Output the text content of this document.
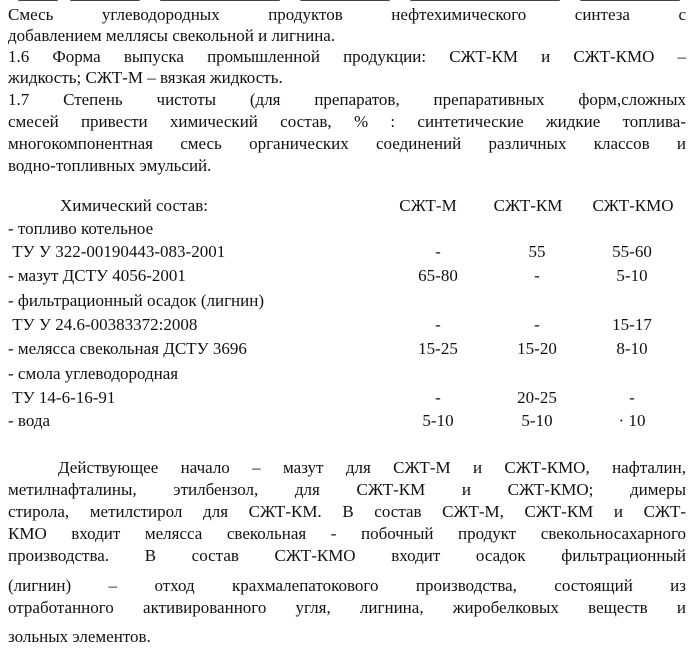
Смесь углеводородных продуктов нефтехимического синтеза с
добавлением меллясы свекольной и лигнина.
1.6 Форма выпуска промышленной продукции: СЖТ-КМ и СЖТ-КМО –
жидкость; СЖТ-М – вязкая жидкость.
1.7 Степень чистоты (для препаратов, препаративных форм,сложных
смесей привести химический состав, % : синтетические жидкие топлива-
многокомпонентная смесь органических соединений различных классов и
водно-топливных эмульсий.
Химический состав:	СЖТ-М	СЖТ-КМ	СЖТ-КМО
- топливо котельное
ТУ У 322-00190443-083-2001	-	55	55-60
- мазут ДСТУ 4056-2001	65-80	-	5-10
- фильтрационный осадок (лигнин)
ТУ У 24.6-00383372:2008	-	-	15-17
- мелясса свекольная ДСТУ 3696	15-25	15-20	8-10
- смола углеводородная
ТУ 14-6-16-91	-	20-25	-
- вода	5-10	5-10	· 10
Действующее начало – мазут для СЖТ-М и СЖТ-КМО, нафталин,
метилнафталины, этилбензол, для СЖТ-КМ и СЖТ-КМО; димеры
стирола, метилстирол для СЖТ-КМ. В состав СЖТ-М, СЖТ-КМ и СЖТ-
КМО входит мелясса свекольная - побочный продукт свекольносахарного
производства. В состав СЖТ-КМО входит осадок фильтрационный
(лигнин) – отход крахмалепатокового производства, состоящий из
отработанного активированного угля, лигнина, жиробелковых веществ и
зольных элементов.
